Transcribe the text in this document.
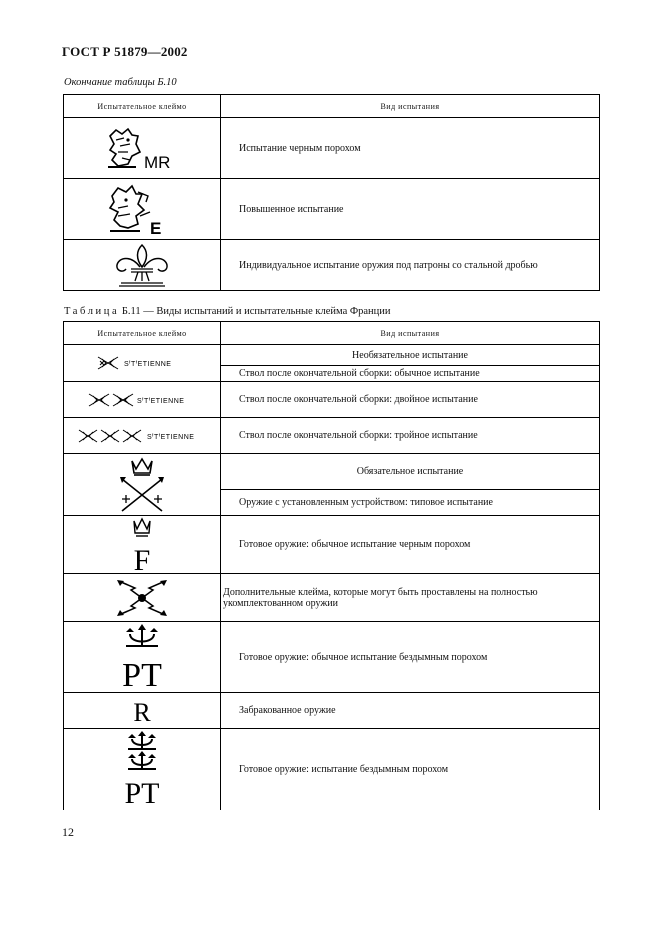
ГОСТ Р 51879—2002
Окончание таблицы Б.10
Испытательное клеймо	Вид испытания

MR	Испытание черным порохом

E	Повышенное испытание

	Индивидуальное испытание оружия под патроны со стальной дробью
Таблица Б.11 — Виды испытаний и испытательные клейма Франции
Испытательное клеймо	Вид испытания

SꞋTꞋETIENNE	Необязательное испытание
	Ствол после окончательной сборки: обычное испытание

SꞋTꞋETIENNE	Ствол после окончательной сборки: двойное испытание

SꞋTꞋETIENNE	Ствол после окончательной сборки: тройное испытание

	Обязательное испытание
	Оружие с установленным устройством: типовое испытание

F	Готовое оружие: обычное испытание черным порохом

	Дополнительные клейма, которые могут быть проставлены на полностью укомплектованном оружии

PT	Готовое оружие: обычное испытание бездымным порохом

R	Забракованное оружие

PT	Готовое оружие: испытание бездымным порохом
12
